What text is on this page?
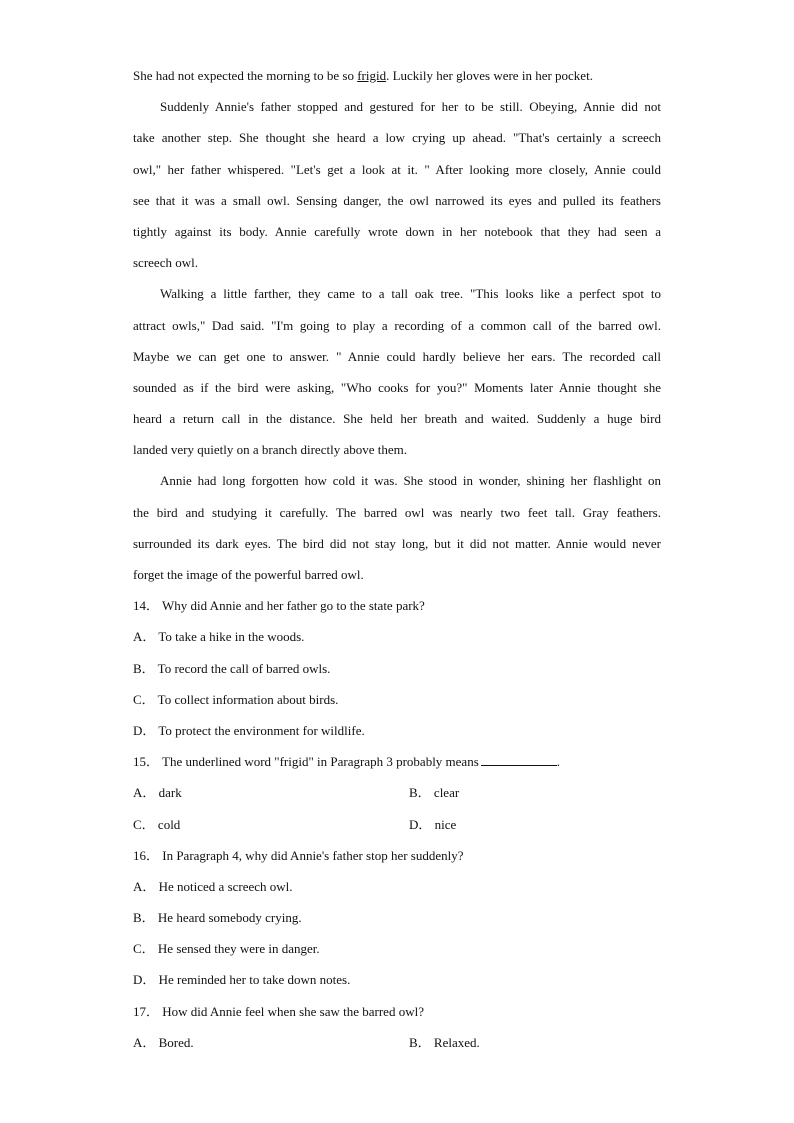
She had not expected the morning to be so frigid. Luckily her gloves were in her pocket.

Suddenly Annie's father stopped and gestured for her to be still. Obeying, Annie did not

take another step. She thought she heard a low crying up ahead. "That's certainly a screech

owl," her father whispered. "Let's get a look at it. " After looking more closely, Annie could

see that it was a small owl. Sensing danger, the owl narrowed its eyes and pulled its feathers

tightly against its body. Annie carefully wrote down in her notebook that they had seen a

screech owl.

Walking a little farther, they came to a tall oak tree. "This looks like a perfect spot to

attract owls," Dad said. "I'm going to play a recording of a common call of the barred owl.

Maybe we can get one to answer. " Annie could hardly believe her ears. The recorded call

sounded as if the bird were asking, "Who cooks for you?" Moments later Annie thought she

heard a return call in the distance. She held her breath and waited. Suddenly a huge bird

landed very quietly on a branch directly above them.

Annie had long forgotten how cold it was. She stood in wonder, shining her flashlight on

the bird and studying it carefully. The barred owl was nearly two feet tall. Gray feathers.

surrounded its dark eyes. The bird did not stay long, but it did not matter. Annie would never

forget the image of the powerful barred owl.

14． Why did Annie and her father go to the state park?

A． To take a hike in the woods.

B． To record the call of barred owls.

C． To collect information about birds.

D． To protect the environment for wildlife.

15． The underlined word "frigid" in Paragraph 3 probably means	.

A． dark	B． clear

C． cold	D． nice

16． In Paragraph 4, why did Annie's father stop her suddenly?

A． He noticed a screech owl.

B． He heard somebody crying.

C． He sensed they were in danger.

D． He reminded her to take down notes.

17． How did Annie feel when she saw the barred owl?

A． Bored.	B． Relaxed.
